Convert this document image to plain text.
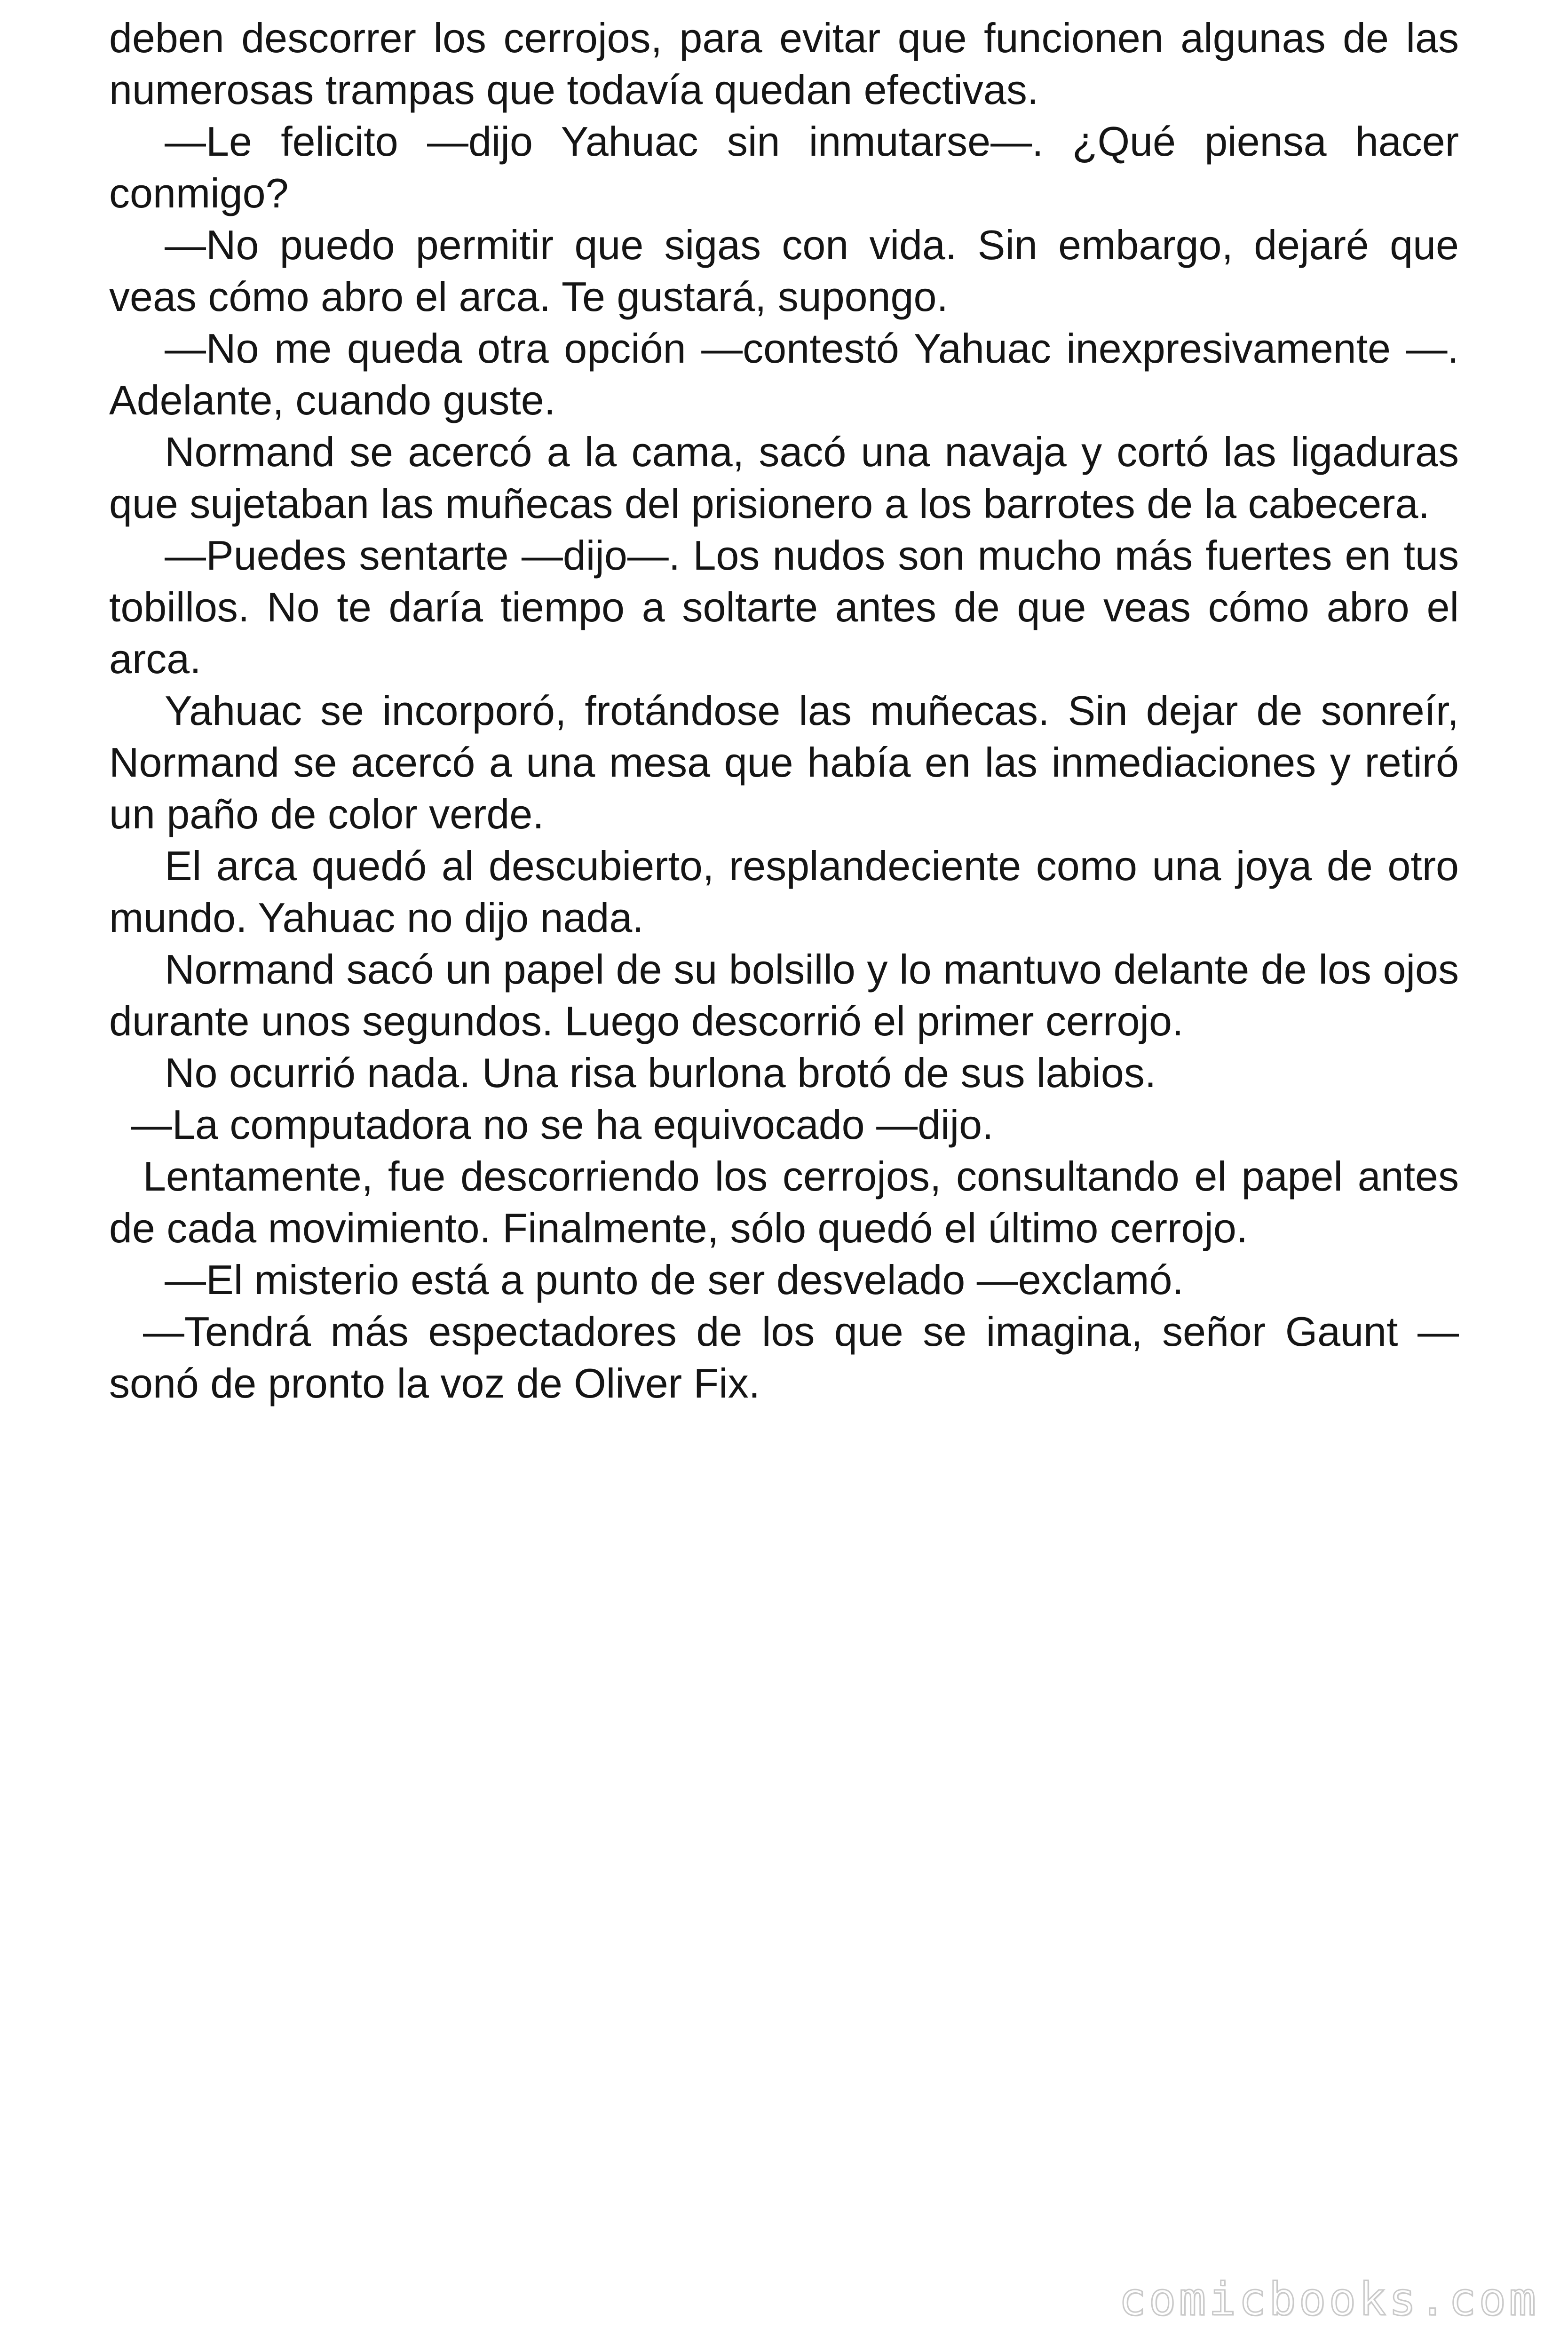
deben descorrer los cerrojos, para evitar que funcionen algunas de las numerosas trampas que todavía quedan efectivas.

—Le felicito —dijo Yahuac sin inmutarse—. ¿Qué piensa hacer conmigo?

—No puedo permitir que sigas con vida. Sin embargo, dejaré que veas cómo abro el arca. Te gustará, supongo.

—No me queda otra opción —contestó Yahuac inexpresivamente —. Adelante, cuando guste.

Normand se acercó a la cama, sacó una navaja y cortó las ligaduras que sujetaban las muñecas del prisionero a los barrotes de la cabecera.

—Puedes sentarte —dijo—. Los nudos son mucho más fuertes en tus tobillos. No te daría tiempo a soltarte antes de que veas cómo abro el arca.

Yahuac se incorporó, frotándose las muñecas. Sin dejar de sonreír, Normand se acercó a una mesa que había en las inmediaciones y retiró un paño de color verde.

El arca quedó al descubierto, resplandeciente como una joya de otro mundo. Yahuac no dijo nada.

Normand sacó un papel de su bolsillo y lo mantuvo delante de los ojos durante unos segundos. Luego descorrió el primer cerrojo.

No ocurrió nada. Una risa burlona brotó de sus labios.

—La computadora no se ha equivocado —dijo.

Lentamente, fue descorriendo los cerrojos, consultando el papel antes de cada movimiento. Finalmente, sólo quedó el último cerrojo.

—El misterio está a punto de ser desvelado —exclamó.

—Tendrá más espectadores de los que se imagina, señor Gaunt — sonó de pronto la voz de Oliver Fix.

comicbooks.com
